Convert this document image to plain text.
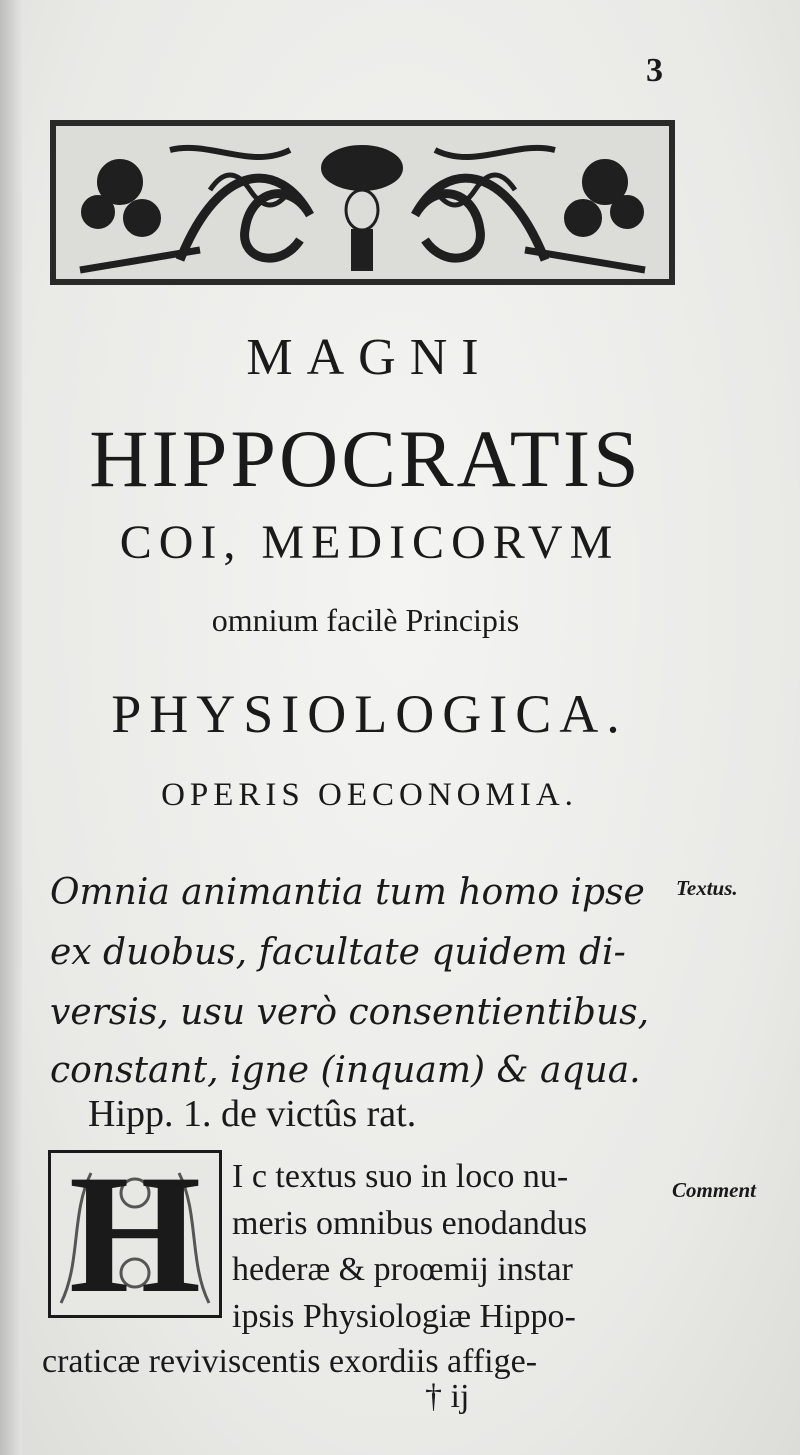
3
MAGNI
HIPPOCRATIS
COI, MEDICORVM
omnium facilè Principis
PHYSIOLOGICA.
OPERIS OECONOMIA.
Omnia animantia tum homo ipse
ex duobus, facultate quidem di-
versis, usu verò consentientibus,
constant, igne (inquam) & aqua.
Hipp. 1. de victûs rat.
Textus.
H I c textus suo in loco nu-
meris omnibus enodandus
hederæ & proœmij instar
ipsis Physiologiæ Hippo-
craticæ reviviscentis exordiis affige-
Comment
† ij
